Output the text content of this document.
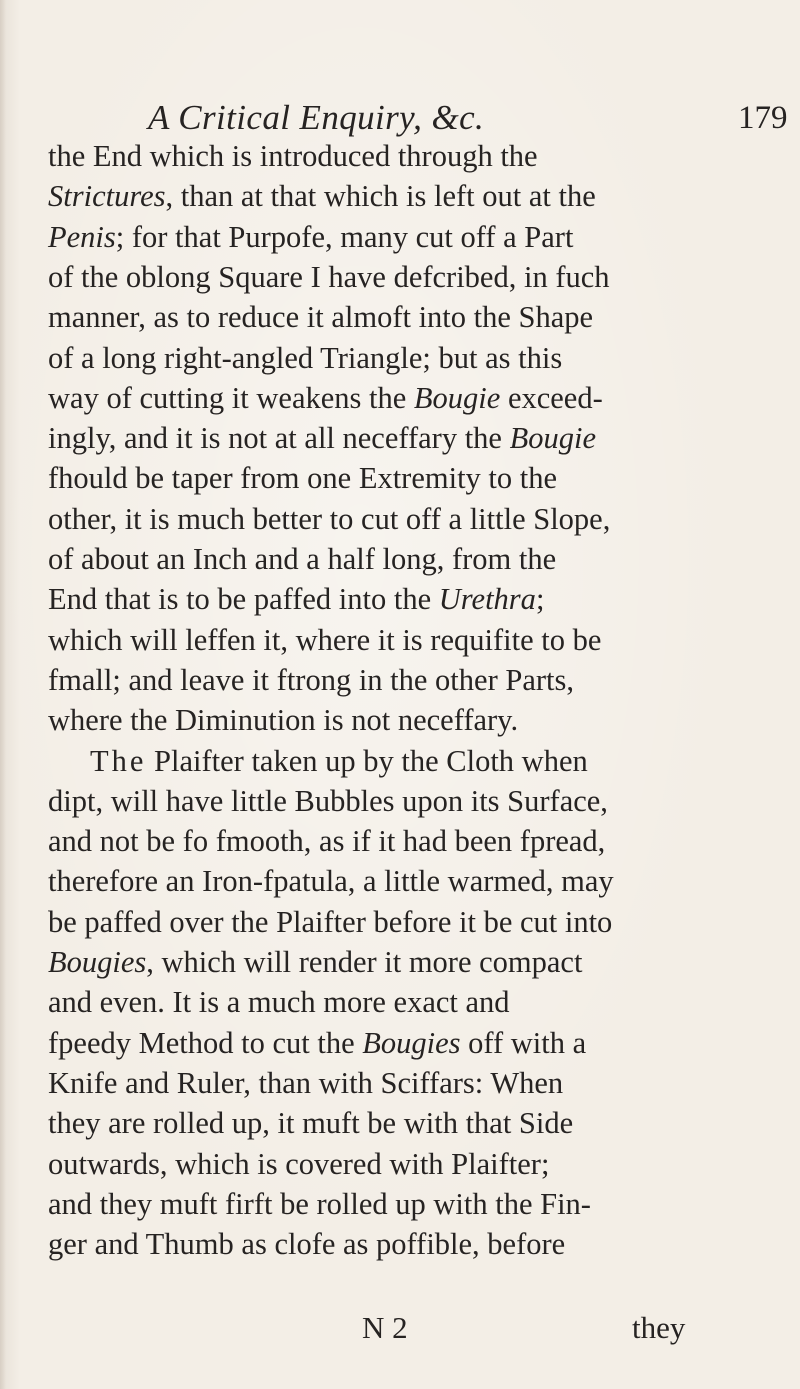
A Critical Enquiry, &c.	179
the End which is introduced through the
Strictures, than at that which is left out at the
Penis; for that Purpofe, many cut off a Part
of the oblong Square I have defcribed, in fuch
manner, as to reduce it almoft into the Shape
of a long right-angled Triangle; but as this
way of cutting it weakens the Bougie exceed-
ingly, and it is not at all neceffary the Bougie
fhould be taper from one Extremity to the
other, it is much better to cut off a little Slope,
of about an Inch and a half long, from the
End that is to be paffed into the Urethra;
which will leffen it, where it is requifite to be
fmall; and leave it ftrong in the other Parts,
where the Diminution is not neceffary.
The Plaifter taken up by the Cloth when
dipt, will have little Bubbles upon its Surface,
and not be fo fmooth, as if it had been fpread,
therefore an Iron-fpatula, a little warmed, may
be paffed over the Plaifter before it be cut into
Bougies, which will render it more compact
and even. It is a much more exact and
fpeedy Method to cut the Bougies off with a
Knife and Ruler, than with Sciffars: When
they are rolled up, it muft be with that Side
outwards, which is covered with Plaifter;
and they muft firft be rolled up with the Fin-
ger and Thumb as clofe as poffible, before
N 2	they
